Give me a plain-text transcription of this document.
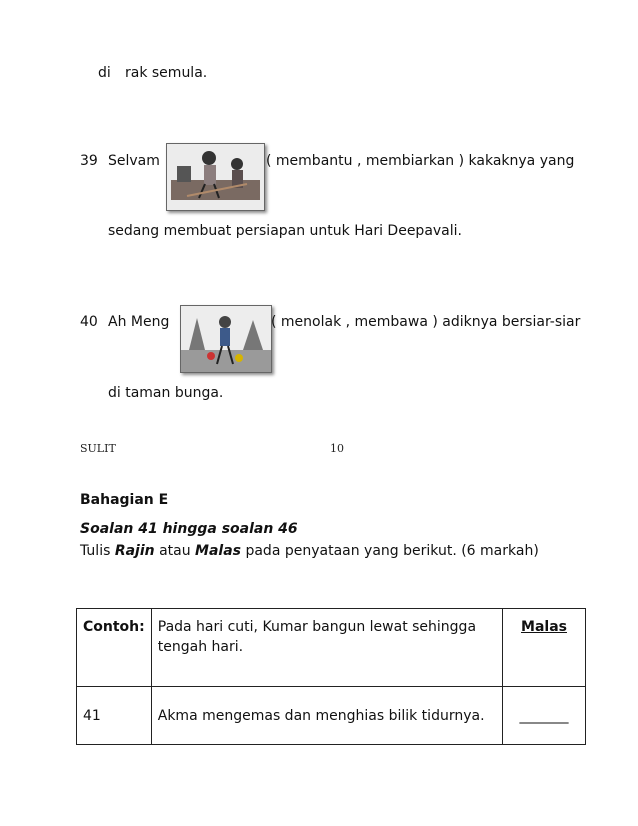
di rak semula.
39 Selvam	( membantu , membiarkan ) kakaknya yang
sedang membuat persiapan untuk Hari Deepavali.
40 Ah Meng	( menolak , membawa ) adiknya bersiar-siar
di taman bunga.
SULIT	10
Bahagian E
Soalan 41 hingga soalan 46
Tulis Rajin atau Malas pada penyataan yang berikut. (6 markah)
Contoh:	Pada hari cuti, Kumar bangun lewat sehingga tengah hari.	Malas
41	Akma mengemas dan menghias bilik tidurnya.	_______
